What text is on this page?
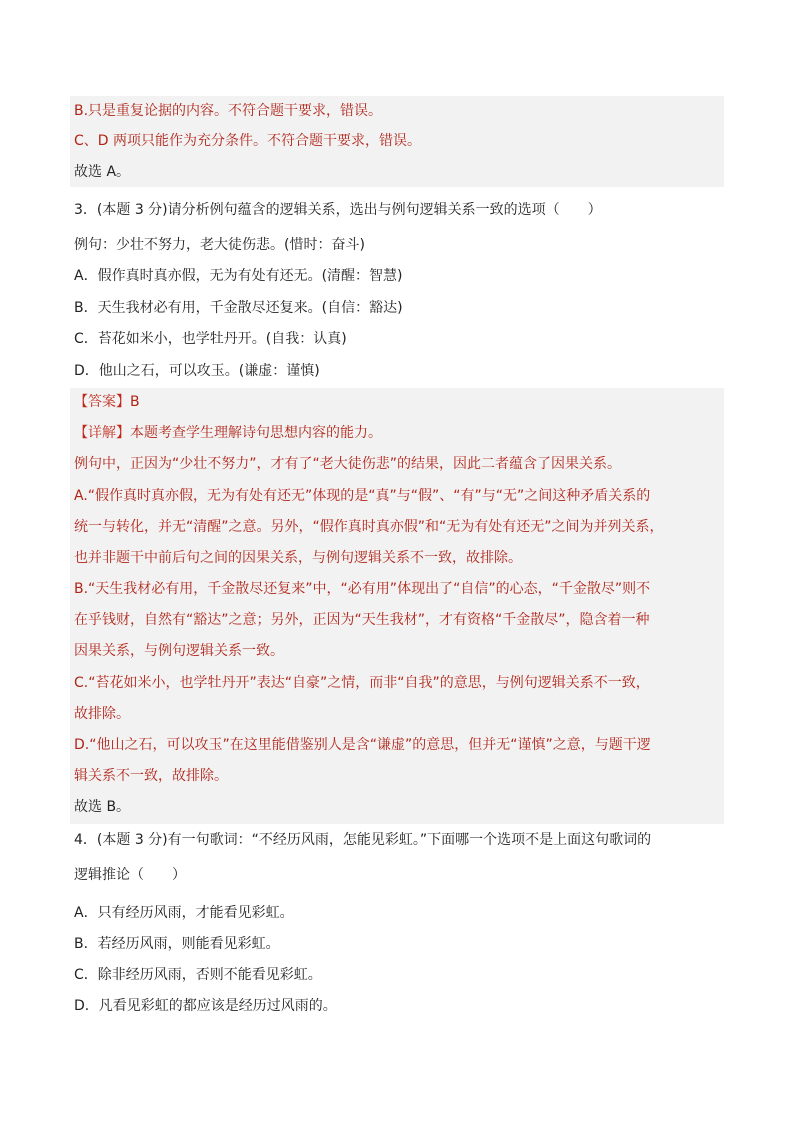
B.只是重复论据的内容。不符合题干要求，错误。
C、D 两项只能作为充分条件。不符合题干要求，错误。
故选 A。
3．(本题 3 分)请分析例句蕴含的逻辑关系，选出与例句逻辑关系一致的选项（　　）
例句：少壮不努力，老大徒伤悲。(惜时：奋斗)
A．假作真时真亦假，无为有处有还无。(清醒：智慧)
B．天生我材必有用，千金散尽还复来。(自信：豁达)
C．苔花如米小，也学牡丹开。(自我：认真)
D．他山之石，可以攻玉。(谦虚：谨慎)
【答案】B
【详解】本题考查学生理解诗句思想内容的能力。
例句中，正因为“少壮不努力”，才有了“老大徒伤悲”的结果，因此二者蕴含了因果关系。
A.“假作真时真亦假，无为有处有还无”体现的是“真”与“假”、“有”与“无”之间这种矛盾关系的
统一与转化，并无“清醒”之意。另外，“假作真时真亦假”和“无为有处有还无”之间为并列关系，
也并非题干中前后句之间的因果关系，与例句逻辑关系不一致，故排除。
B.“天生我材必有用，千金散尽还复来”中，“必有用”体现出了“自信”的心态，“千金散尽”则不
在乎钱财，自然有“豁达”之意；另外，正因为“天生我材”，才有资格“千金散尽”，隐含着一种
因果关系，与例句逻辑关系一致。
C.“苔花如米小，也学牡丹开”表达“自豪”之情，而非“自我”的意思，与例句逻辑关系不一致，
故排除。
D.“他山之石，可以攻玉”在这里能借鉴别人是含“谦虚”的意思，但并无“谨慎”之意，与题干逻
辑关系不一致，故排除。
故选 B。
4．(本题 3 分)有一句歌词：“不经历风雨，怎能见彩虹。”下面哪一个选项不是上面这句歌词的
逻辑推论（　　）
A．只有经历风雨，才能看见彩虹。
B．若经历风雨，则能看见彩虹。
C．除非经历风雨，否则不能看见彩虹。
D．凡看见彩虹的都应该是经历过风雨的。
